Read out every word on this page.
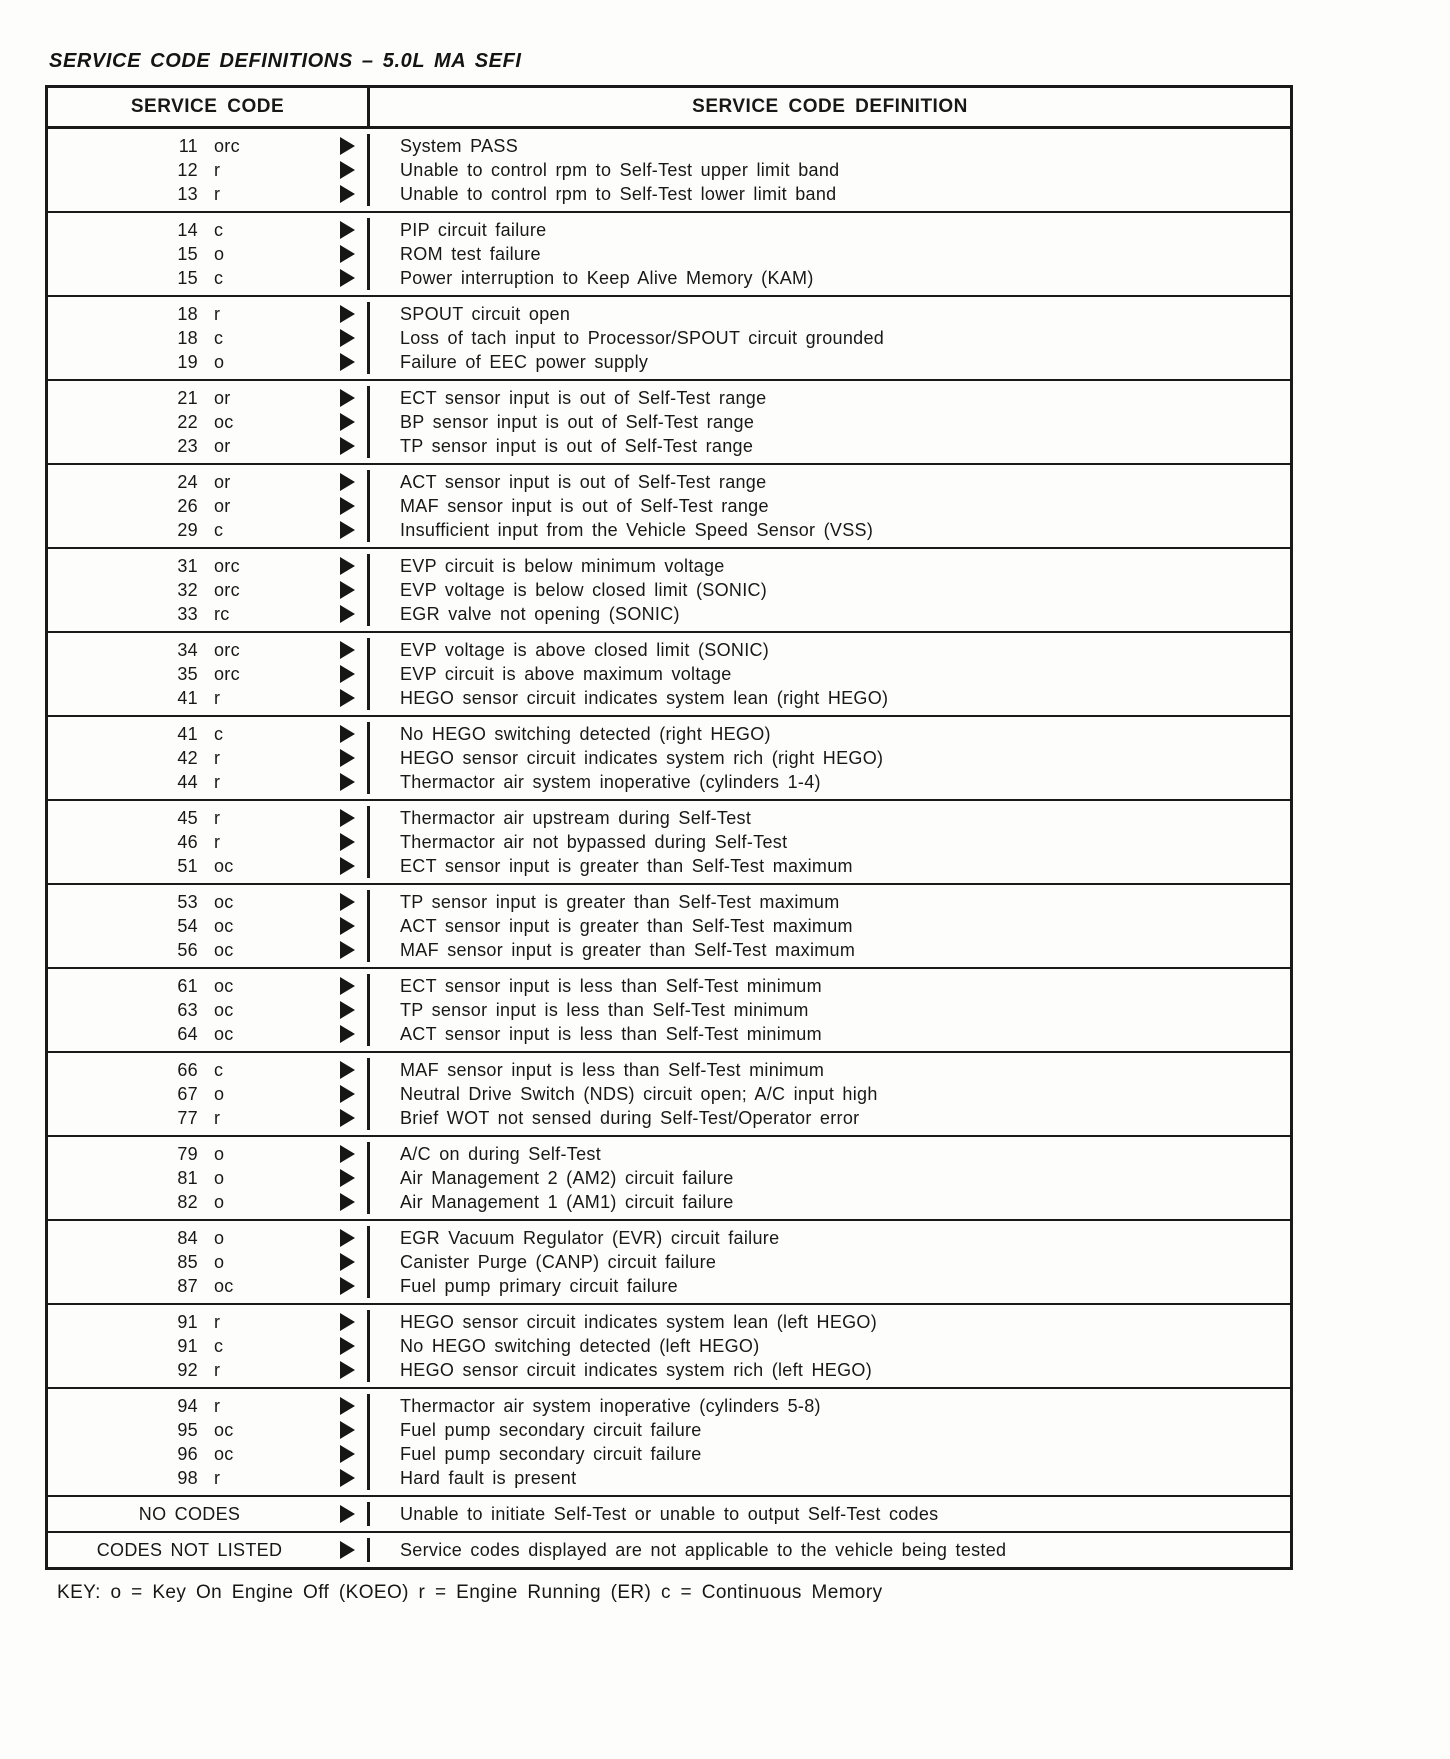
SERVICE CODE DEFINITIONS – 5.0L MA SEFI
SERVICE CODE	SERVICE CODE DEFINITION
11 orc	System PASS
12 r	Unable to control rpm to Self-Test upper limit band
13 r	Unable to control rpm to Self-Test lower limit band
14 c	PIP circuit failure
15 o	ROM test failure
15 c	Power interruption to Keep Alive Memory (KAM)
18 r	SPOUT circuit open
18 c	Loss of tach input to Processor/SPOUT circuit grounded
19 o	Failure of EEC power supply
21 or	ECT sensor input is out of Self-Test range
22 oc	BP sensor input is out of Self-Test range
23 or	TP sensor input is out of Self-Test range
24 or	ACT sensor input is out of Self-Test range
26 or	MAF sensor input is out of Self-Test range
29 c	Insufficient input from the Vehicle Speed Sensor (VSS)
31 orc	EVP circuit is below minimum voltage
32 orc	EVP voltage is below closed limit (SONIC)
33 rc	EGR valve not opening (SONIC)
34 orc	EVP voltage is above closed limit (SONIC)
35 orc	EVP circuit is above maximum voltage
41 r	HEGO sensor circuit indicates system lean (right HEGO)
41 c	No HEGO switching detected (right HEGO)
42 r	HEGO sensor circuit indicates system rich (right HEGO)
44 r	Thermactor air system inoperative (cylinders 1-4)
45 r	Thermactor air upstream during Self-Test
46 r	Thermactor air not bypassed during Self-Test
51 oc	ECT sensor input is greater than Self-Test maximum
53 oc	TP sensor input is greater than Self-Test maximum
54 oc	ACT sensor input is greater than Self-Test maximum
56 oc	MAF sensor input is greater than Self-Test maximum
61 oc	ECT sensor input is less than Self-Test minimum
63 oc	TP sensor input is less than Self-Test minimum
64 oc	ACT sensor input is less than Self-Test minimum
66 c	MAF sensor input is less than Self-Test minimum
67 o	Neutral Drive Switch (NDS) circuit open; A/C input high
77 r	Brief WOT not sensed during Self-Test/Operator error
79 o	A/C on during Self-Test
81 o	Air Management 2 (AM2) circuit failure
82 o	Air Management 1 (AM1) circuit failure
84 o	EGR Vacuum Regulator (EVR) circuit failure
85 o	Canister Purge (CANP) circuit failure
87 oc	Fuel pump primary circuit failure
91 r	HEGO sensor circuit indicates system lean (left HEGO)
91 c	No HEGO switching detected (left HEGO)
92 r	HEGO sensor circuit indicates system rich (left HEGO)
94 r	Thermactor air system inoperative (cylinders 5-8)
95 oc	Fuel pump secondary circuit failure
96 oc	Fuel pump secondary circuit failure
98 r	Hard fault is present
NO CODES	Unable to initiate Self-Test or unable to output Self-Test codes
CODES NOT LISTED	Service codes displayed are not applicable to the vehicle being tested
KEY: o = Key On Engine Off (KOEO) r = Engine Running (ER) c = Continuous Memory
